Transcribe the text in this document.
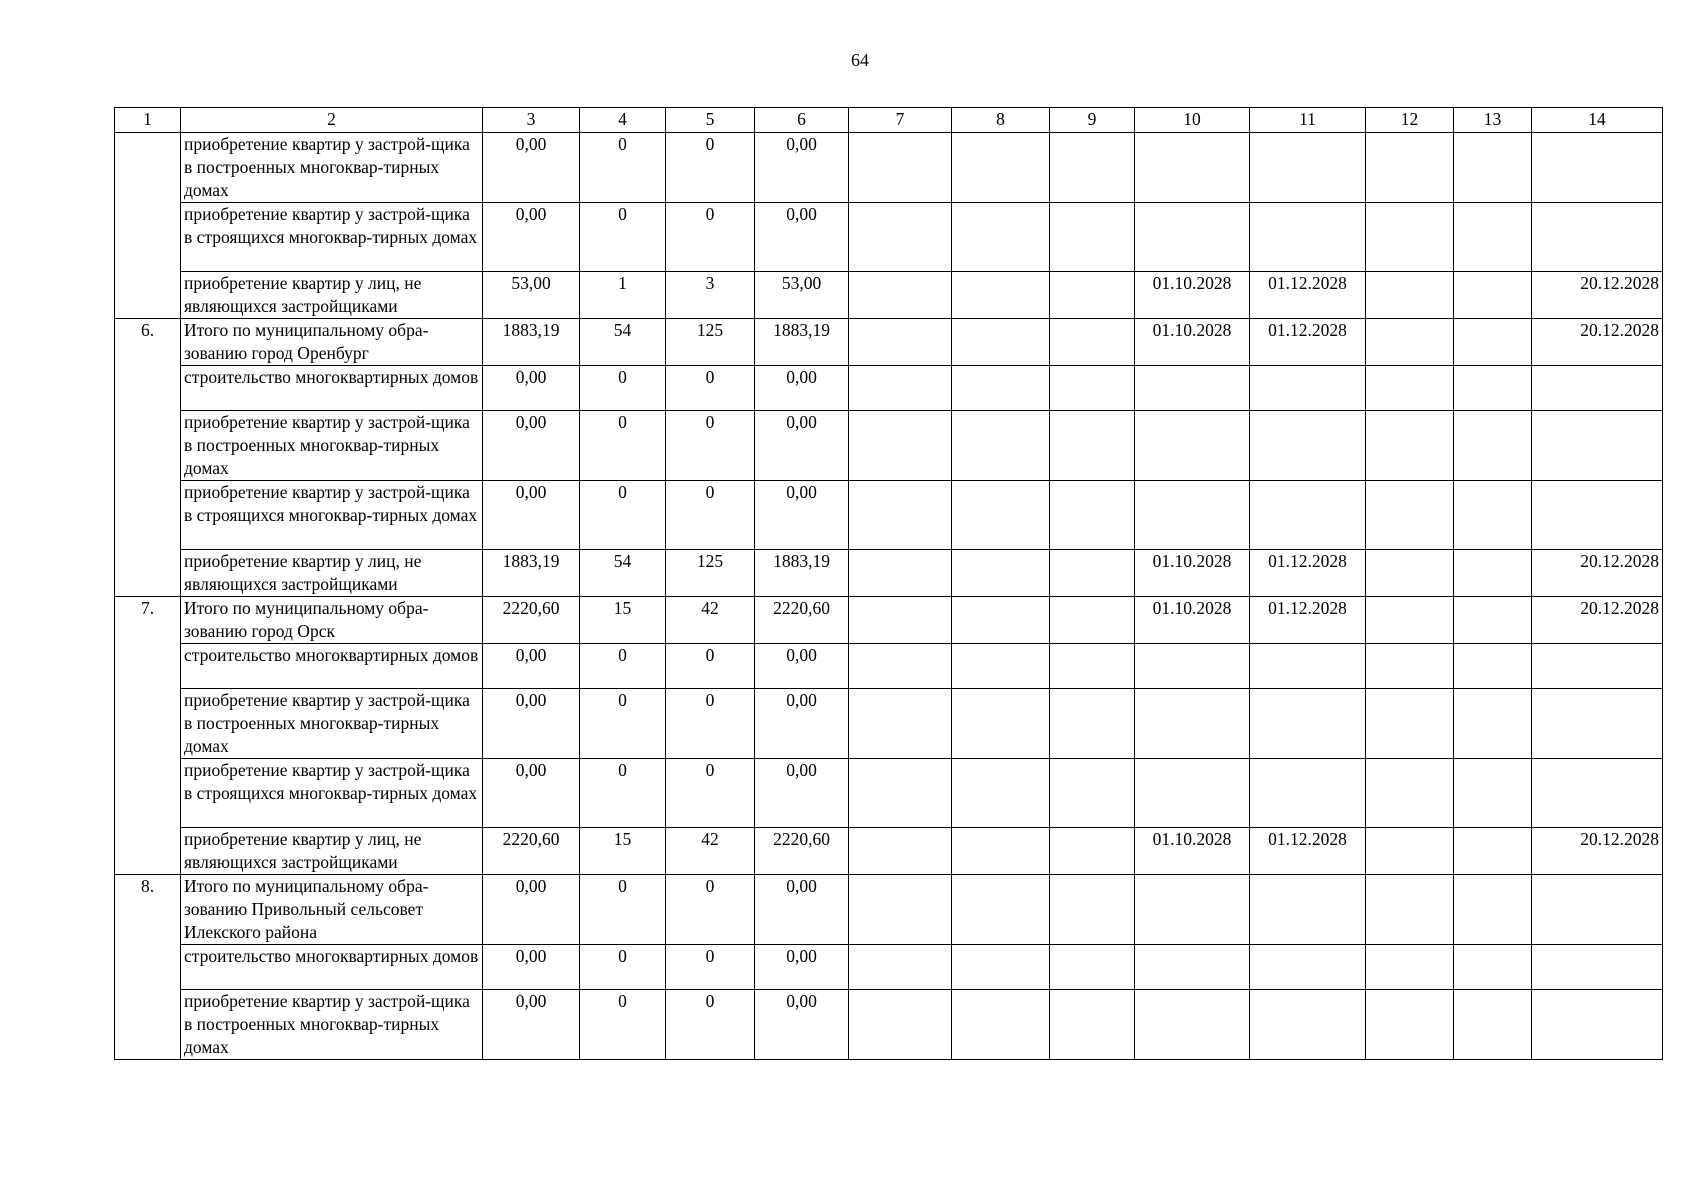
64
1	2	3	4	5	6	7	8	9	10	11	12	13	14
	приобретение квартир у застрой-щика в построенных многоквар-тирных домах	0,00	0	0	0,00								
	приобретение квартир у застрой-щика в строящихся многоквар-тирных домах	0,00	0	0	0,00								
	приобретение квартир у лиц, не являющихся застройщиками	53,00	1	3	53,00				01.10.2028	01.12.2028			20.12.2028
6.	Итого по муниципальному обра-зованию город Оренбург	1883,19	54	125	1883,19				01.10.2028	01.12.2028			20.12.2028
	строительство многоквартирных домов	0,00	0	0	0,00								
	приобретение квартир у застрой-щика в построенных многоквар-тирных домах	0,00	0	0	0,00								
	приобретение квартир у застрой-щика в строящихся многоквар-тирных домах	0,00	0	0	0,00								
	приобретение квартир у лиц, не являющихся застройщиками	1883,19	54	125	1883,19				01.10.2028	01.12.2028			20.12.2028
7.	Итого по муниципальному обра-зованию город Орск	2220,60	15	42	2220,60				01.10.2028	01.12.2028			20.12.2028
	строительство многоквартирных домов	0,00	0	0	0,00								
	приобретение квартир у застрой-щика в построенных многоквар-тирных домах	0,00	0	0	0,00								
	приобретение квартир у застрой-щика в строящихся многоквар-тирных домах	0,00	0	0	0,00								
	приобретение квартир у лиц, не являющихся застройщиками	2220,60	15	42	2220,60				01.10.2028	01.12.2028			20.12.2028
8.	Итого по муниципальному обра-зованию Привольный сельсовет Илекского района	0,00	0	0	0,00								
	строительство многоквартирных домов	0,00	0	0	0,00								
	приобретение квартир у застрой-щика в построенных многоквар-тирных домах	0,00	0	0	0,00								
